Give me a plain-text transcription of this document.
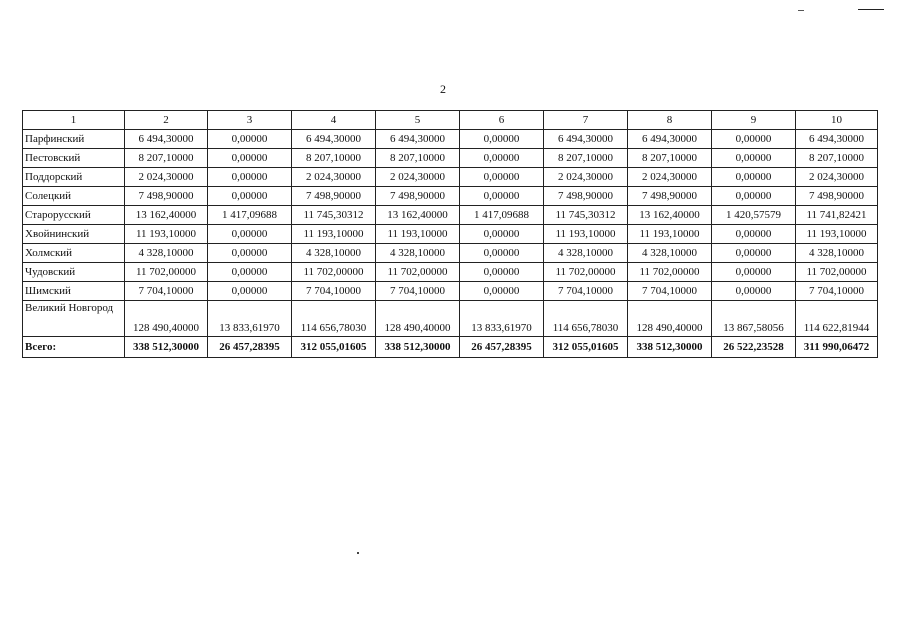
2
1	2	3	4	5	6	7	8	9	10
Парфинский	6 494,30000	0,00000	6 494,30000	6 494,30000	0,00000	6 494,30000	6 494,30000	0,00000	6 494,30000
Пестовский	8 207,10000	0,00000	8 207,10000	8 207,10000	0,00000	8 207,10000	8 207,10000	0,00000	8 207,10000
Поддорский	2 024,30000	0,00000	2 024,30000	2 024,30000	0,00000	2 024,30000	2 024,30000	0,00000	2 024,30000
Солецкий	7 498,90000	0,00000	7 498,90000	7 498,90000	0,00000	7 498,90000	7 498,90000	0,00000	7 498,90000
Старорусский	13 162,40000	1 417,09688	11 745,30312	13 162,40000	1 417,09688	11 745,30312	13 162,40000	1 420,57579	11 741,82421
Хвойнинский	11 193,10000	0,00000	11 193,10000	11 193,10000	0,00000	11 193,10000	11 193,10000	0,00000	11 193,10000
Холмский	4 328,10000	0,00000	4 328,10000	4 328,10000	0,00000	4 328,10000	4 328,10000	0,00000	4 328,10000
Чудовский	11 702,00000	0,00000	11 702,00000	11 702,00000	0,00000	11 702,00000	11 702,00000	0,00000	11 702,00000
Шимский	7 704,10000	0,00000	7 704,10000	7 704,10000	0,00000	7 704,10000	7 704,10000	0,00000	7 704,10000
Великий Новгород	128 490,40000	13 833,61970	114 656,78030	128 490,40000	13 833,61970	114 656,78030	128 490,40000	13 867,58056	114 622,81944
Всего:	338 512,30000	26 457,28395	312 055,01605	338 512,30000	26 457,28395	312 055,01605	338 512,30000	26 522,23528	311 990,06472
